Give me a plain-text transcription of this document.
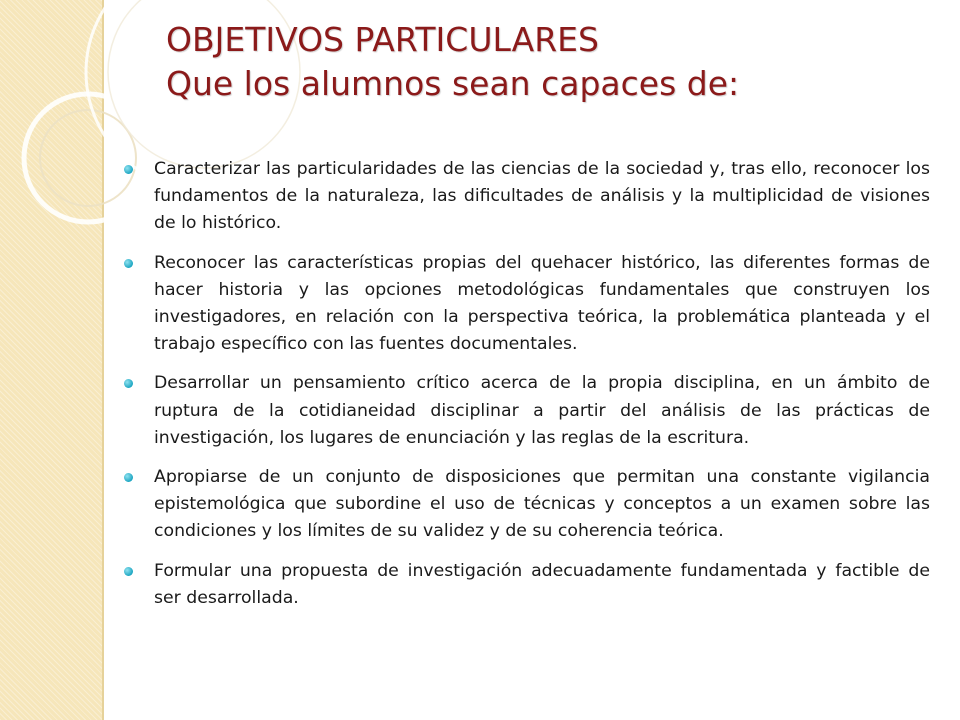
OBJETIVOS PARTICULARES
Que los alumnos sean capaces de:
Caracterizar las particularidades de las ciencias de la sociedad y, tras ello, reconocer los fundamentos de la naturaleza, las dificultades de análisis y la multiplicidad de visiones de lo histórico.
Reconocer las características propias del quehacer histórico, las diferentes formas de hacer historia y las opciones metodológicas fundamentales que construyen los investigadores, en relación con la perspectiva teórica, la problemática planteada y el trabajo específico con las fuentes documentales.
Desarrollar un pensamiento crítico acerca de la propia disciplina, en un ámbito de ruptura de la cotidianeidad disciplinar a partir del análisis de las prácticas de investigación, los lugares de enunciación y las reglas de la escritura.
Apropiarse de un conjunto de disposiciones que permitan una constante vigilancia epistemológica que subordine el uso de técnicas y conceptos a un examen sobre las condiciones y los límites de su validez y de su coherencia teórica.
Formular una propuesta de investigación adecuadamente fundamentada y factible de ser desarrollada.
